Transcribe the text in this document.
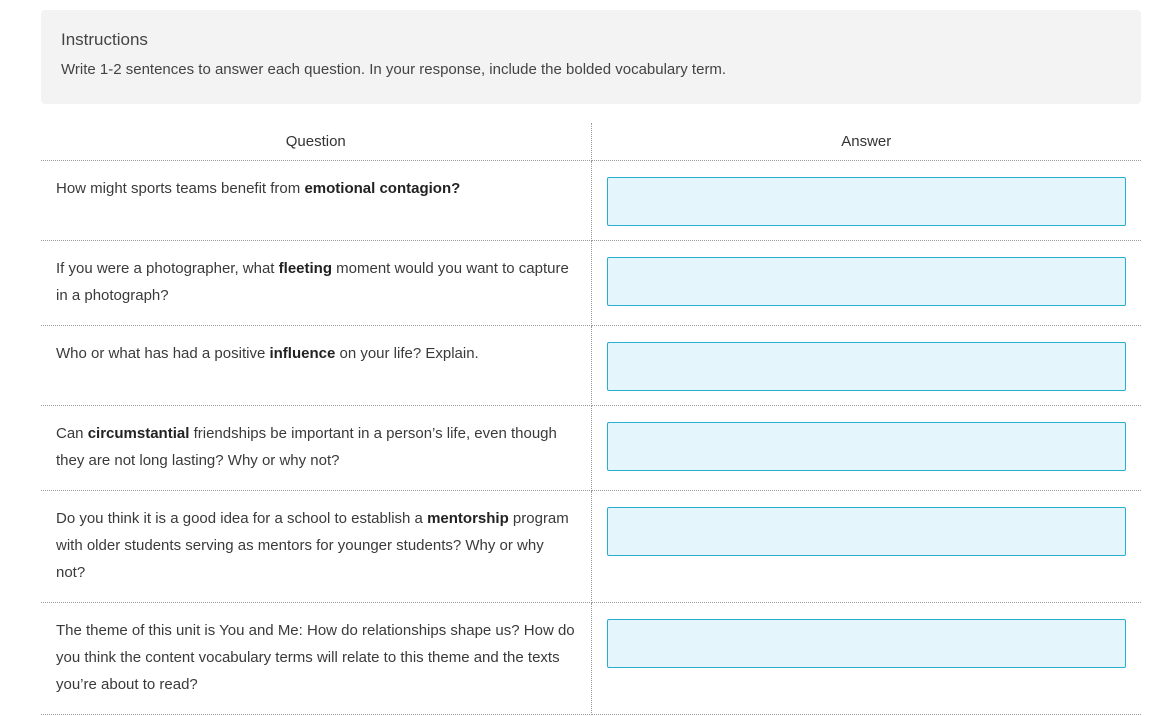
Instructions
Write 1-2 sentences to answer each question. In your response, include the bolded vocabulary term.
Question	Answer
How might sports teams benefit from emotional contagion?	

If you were a photographer, what fleeting moment would you want to capture in a photograph?	

Who or what has had a positive influence on your life? Explain.	

Can circumstantial friendships be important in a person’s life, even though they are not long lasting? Why or why not?	

Do you think it is a good idea for a school to establish a mentorship program with older students serving as mentors for younger students? Why or why not?	

The theme of this unit is You and Me: How do relationships shape us? How do you think the content vocabulary terms will relate to this theme and the texts you’re about to read?	
